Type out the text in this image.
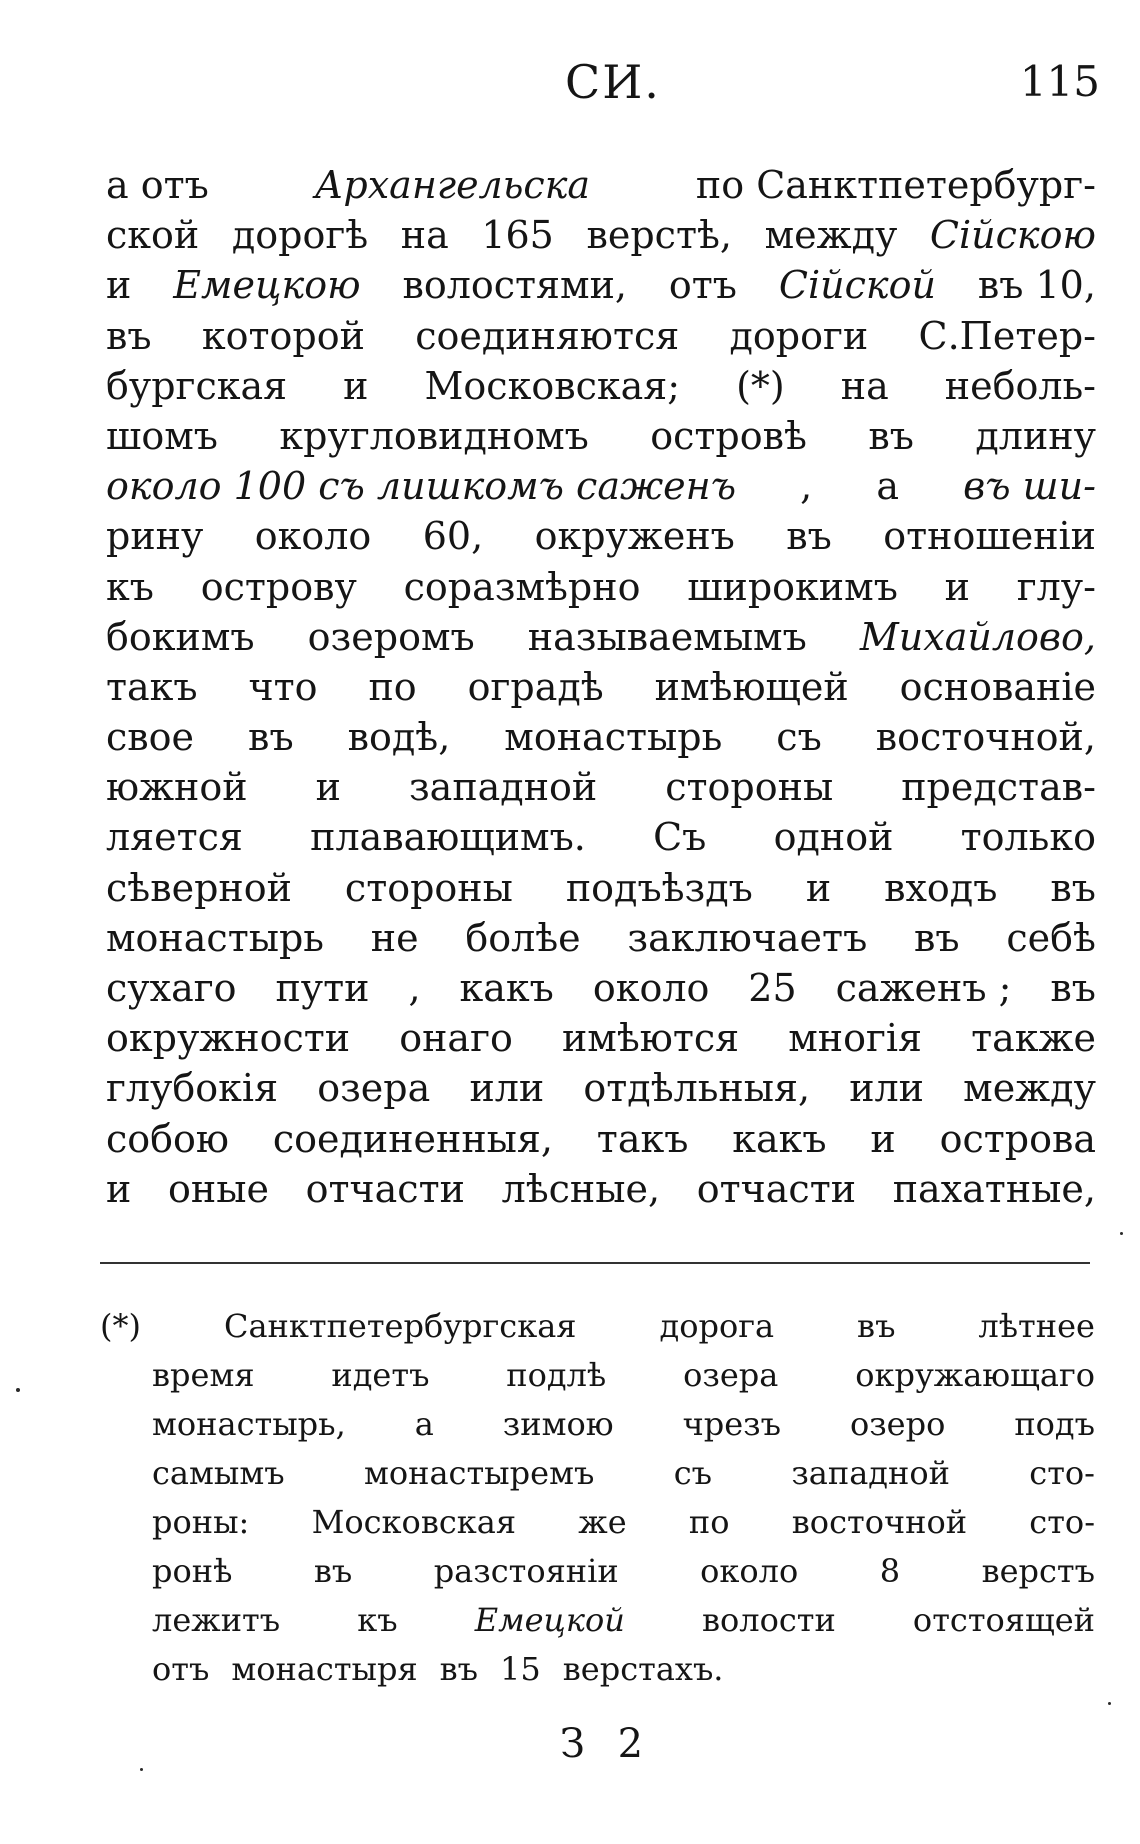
СИ.	115
а отъ	Архангельска	по Санктпетербург-
ской дорогѣ на 165 верстѣ, между Сійскою
и Емецкою волостями, отъ Сійской въ 10,
въ которой соединяются дороги С.Петер-
бургская и Московская; (*) на неболь-
шомъ кругловидномъ островѣ въ длину
около 100 съ лишкомъ саженъ , а въ ши-
рину около 60, окруженъ въ отношеніи
къ острову соразмѣрно широкимъ и глу-
бокимъ озеромъ называемымъ Михайлово,
такъ что по оградѣ имѣющей основаніе
свое въ водѣ, монастырь съ восточной,
южной и западной стороны представ-
ляется плавающимъ. Съ одной только
сѣверной стороны подъѣздъ и входъ въ
монастырь не болѣе заключаетъ въ себѣ
сухаго пути , какъ около 25 саженъ ; въ
окружности онаго имѣются многія также
глубокія озера или отдѣльныя, или между
собою соединенныя, такъ какъ и острова
и оные отчасти лѣсные, отчасти пахатные,
(*)	Санктпетербургская	дорога	въ	лѣтнее
время идетъ подлѣ озера окружающаго
монастырь, а зимою чрезъ озеро подъ
самымъ монастыремъ съ западной сто-
роны: Московская же по восточной сто-
ронѣ	въ	разстояніи	около	8	верстъ
лежитъ къ Емецкой волости отстоящей
отъ монастыря въ 15 верстахъ.
З 2
